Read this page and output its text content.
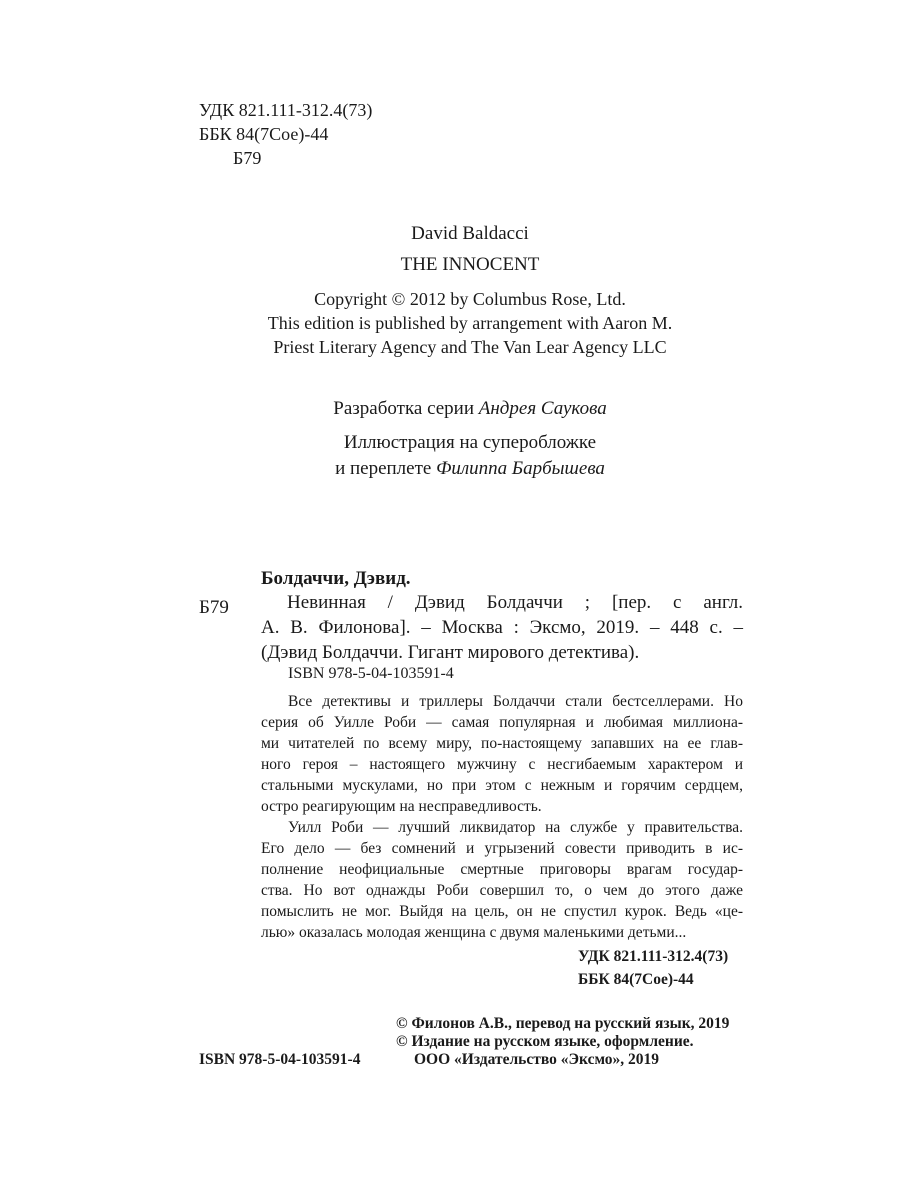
УДК 821.111-312.4(73)
ББК 84(7Сое)-44
Б79
David Baldacci
THE INNOCENT
Copyright © 2012 by Columbus Rose, Ltd.
This edition is published by arrangement with Aaron M.
Priest Literary Agency and The Van Lear Agency LLC
Разработка серии Андрея Саукова
Иллюстрация на суперобложке
и переплете Филиппа Барбышева
Болдаччи, Дэвид.
Б79	Невинная / Дэвид Болдаччи ; [пер. с англ.
А. В. Филонова]. – Москва : Эксмо, 2019. – 448 с. –
(Дэвид Болдаччи. Гигант мирового детектива).
ISBN 978-5-04-103591-4
Все детективы и триллеры Болдаччи стали бестселлерами. Но
серия об Уилле Роби — самая популярная и любимая миллиона-
ми читателей по всему миру, по-настоящему запавших на ее глав-
ного героя – настоящего мужчину с несгибаемым характером и
стальными мускулами, но при этом с нежным и горячим сердцем,
остро реагирующим на несправедливость.
Уилл Роби — лучший ликвидатор на службе у правительства.
Его дело — без сомнений и угрызений совести приводить в ис-
полнение неофициальные смертные приговоры врагам государ-
ства. Но вот однажды Роби совершил то, о чем до этого даже
помыслить не мог. Выйдя на цель, он не спустил курок. Ведь «це-
лью» оказалась молодая женщина с двумя маленькими детьми...
УДК 821.111-312.4(73)
ББК 84(7Сое)-44
© Филонов А.В., перевод на русский язык, 2019
© Издание на русском языке, оформление.
ООО «Издательство «Эксмо», 2019
ISBN 978-5-04-103591-4
